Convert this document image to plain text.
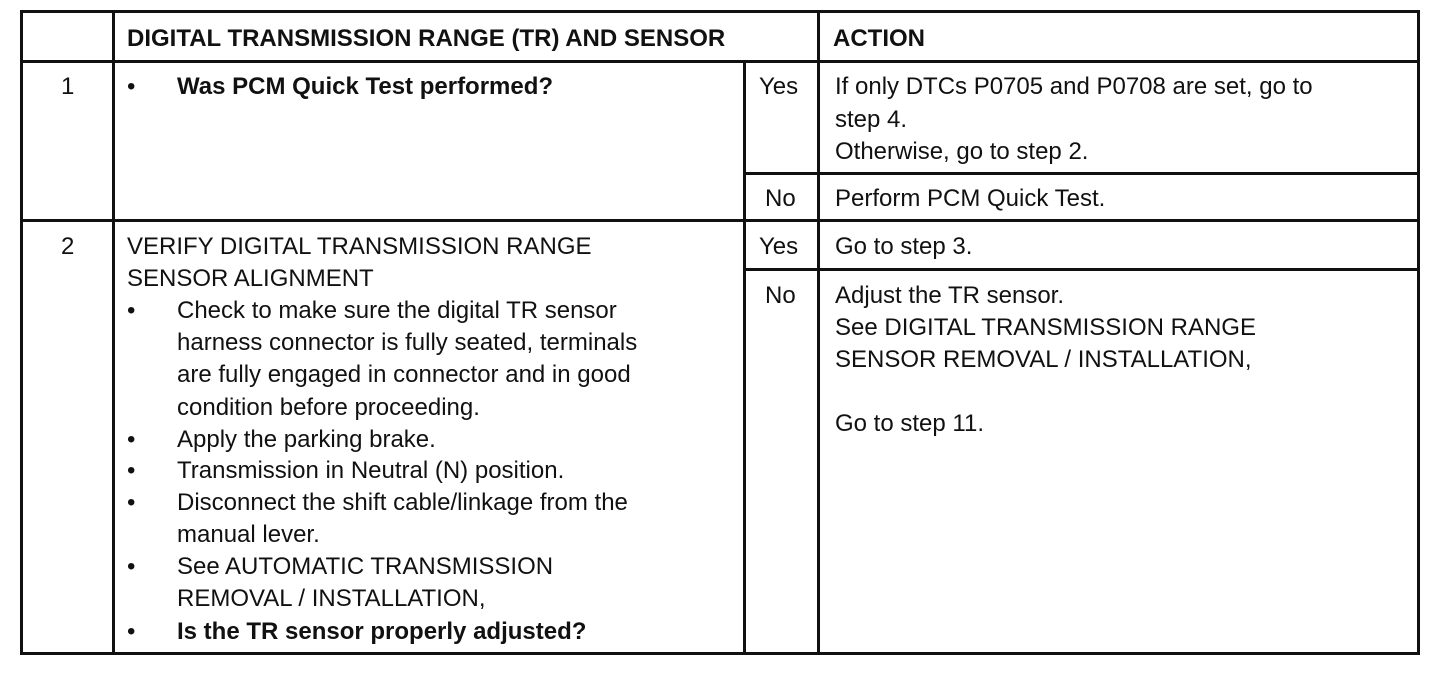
DIGITAL TRANSMISSION RANGE (TR) AND SENSOR	ACTION
1 • Was PCM Quick Test performed?	Yes If only DTCs P0705 and P0708 are set, go to
step 4.
Otherwise, go to step 2.
No Perform PCM Quick Test.
2 VERIFY DIGITAL TRANSMISSION RANGE
SENSOR ALIGNMENT
• Check to make sure the digital TR sensor
harness connector is fully seated, terminals
are fully engaged in connector and in good
condition before proceeding.
• Apply the parking brake.
• Transmission in Neutral (N) position.
• Disconnect the shift cable/linkage from the
manual lever.
• See AUTOMATIC TRANSMISSION
REMOVAL / INSTALLATION,
• Is the TR sensor properly adjusted?
Yes Go to step 3.
No Adjust the TR sensor.
See DIGITAL TRANSMISSION RANGE
SENSOR REMOVAL / INSTALLATION,
Go to step 11.
